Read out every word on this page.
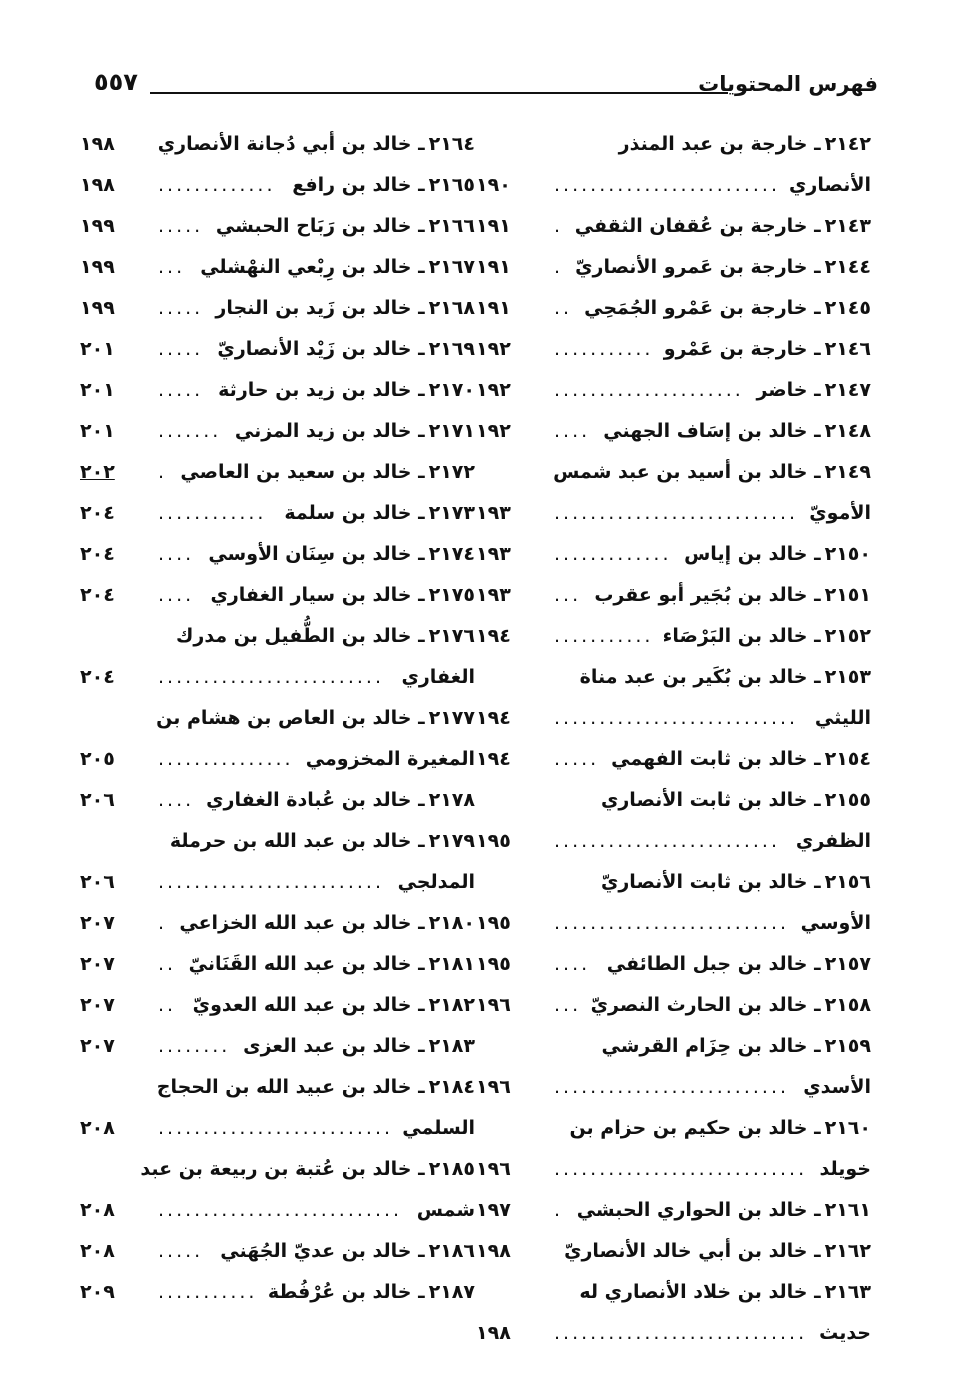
فهرس المحتويات
٥٥٧
٢١٤٢ـ خارجة بن عبد المنذر
الأنصاري
.........................
١٩٠
٢١٤٣ـ خارجة بن عُقفان الثقفي
.
١٩١
٢١٤٤ـ خارجة بن عَمرو الأنصاريّ
.
١٩١
٢١٤٥ـ خارجة بن عَمْرو الجُمَحِي
..
١٩١
٢١٤٦ـ خارجة بن عَمْرو
...........
١٩٢
٢١٤٧ـ خاضر
.....................
١٩٢
٢١٤٨ـ خالد بن إسَاف الجهني
....
١٩٢
٢١٤٩ـ خالد بن أسيد بن عبد شمس
الأمويّ
...........................
١٩٣
٢١٥٠ـ خالد بن إياس
.............
١٩٣
٢١٥١ـ خالد بن بُجَير أبو عقرب
...
١٩٣
٢١٥٢ـ خالد بن البَرْصَاء
...........
١٩٤
٢١٥٣ـ خالد بن بُكَير بن عبد مناة
الليثي
...........................
١٩٤
٢١٥٤ـ خالد بن ثابت الفهمي
.....
١٩٤
٢١٥٥ـ خالد بن ثابت الأنصاري
الظفري
.........................
١٩٥
٢١٥٦ـ خالد بن ثابت الأنصاريّ
الأوسي
..........................
١٩٥
٢١٥٧ـ خالد بن جبل الطائفي
....
١٩٥
٢١٥٨ـ خالد بن الحارث النصريّ
...
١٩٦
٢١٥٩ـ خالد بن حِزَام القرشي
الأسدي
..........................
١٩٦
٢١٦٠ـ خالد بن حكيم بن حزام بن
خويلد
............................
١٩٦
٢١٦١ـ خالد بن الحواري الحبشي
.
١٩٧
٢١٦٢ـ خالد بن أبي خالد الأنصاريّ
١٩٨
٢١٦٣ـ خالد بن خلاد الأنصاري له
حديث
............................
١٩٨
٢١٦٤ـ خالد بن أبي دُجانة الأنصاري
١٩٨
٢١٦٥ـ خالد بن رافع
.............
١٩٨
٢١٦٦ـ خالد بن رَبَاح الحبشي
.....
١٩٩
٢١٦٧ـ خالد بن رِبْعي النهْشلي
...
١٩٩
٢١٦٨ـ خالد بن زَيد بن النجار
.....
١٩٩
٢١٦٩ـ خالد بن زَيْد الأنصاريّ
.....
٢٠١
٢١٧٠ـ خالد بن زيد بن حارثة
.....
٢٠١
٢١٧١ـ خالد بن زيد المزني
.......
٢٠١
٢١٧٢ـ خالد بن سعيد بن العاصي
.
٢٠٢
٢١٧٣ـ خالد بن سلمة
............
٢٠٤
٢١٧٤ـ خالد بن سِنَان الأوسي
....
٢٠٤
٢١٧٥ـ خالد بن سيار الغفاري
....
٢٠٤
٢١٧٦ـ خالد بن الطُّفيل بن مدرك
الغفاري
.........................
٢٠٤
٢١٧٧ـ خالد بن العاص بن هشام بن
المغيرة المخزومي
...............
٢٠٥
٢١٧٨ـ خالد بن عُبادة الغفاري
....
٢٠٦
٢١٧٩ـ خالد بن عبد الله بن حرملة
المدلجي
.........................
٢٠٦
٢١٨٠ـ خالد بن عبد الله الخزاعي
.
٢٠٧
٢١٨١ـ خالد بن عبد الله القَنَانيّ
..
٢٠٧
٢١٨٢ـ خالد بن عبد الله العدويّ
..
٢٠٧
٢١٨٣ـ خالد بن عبد العزى
........
٢٠٧
٢١٨٤ـ خالد بن عبيد الله بن الحجاج
السلمي
..........................
٢٠٨
٢١٨٥ـ خالد بن عُتبة بن ربيعة بن عبد
شمس
...........................
٢٠٨
٢١٨٦ـ خالد بن عديّ الجُهَني
.....
٢٠٨
٢١٨٧ـ خالد بن عُرْفُطة
...........
٢٠٩
